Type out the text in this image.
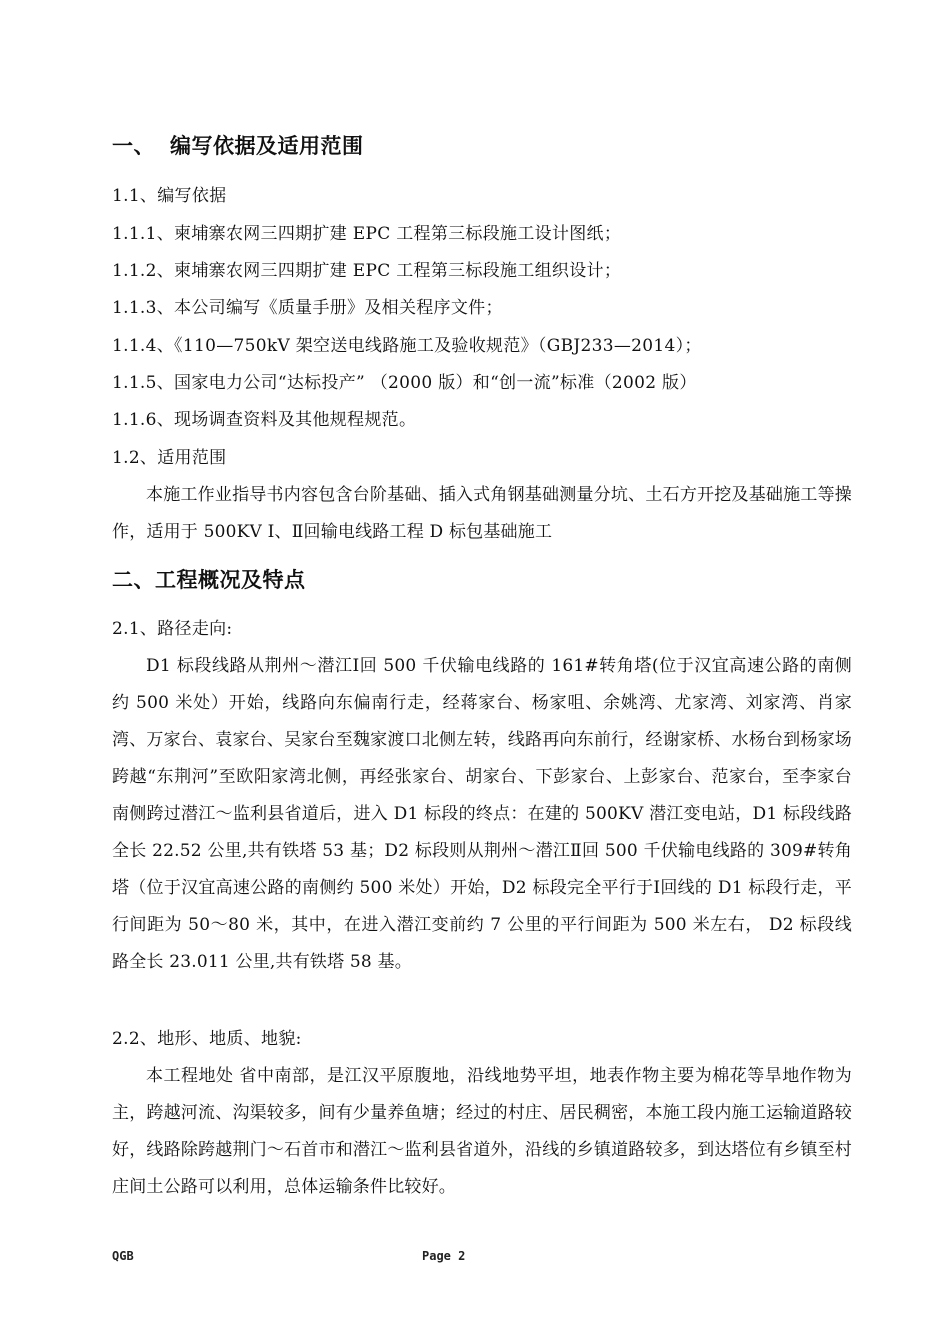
一、 编写依据及适用范围
1.1、编写依据
1.1.1、柬埔寨农网三四期扩建 EPC 工程第三标段施工设计图纸；
1.1.2、柬埔寨农网三四期扩建 EPC 工程第三标段施工组织设计；
1.1.3、本公司编写《质量手册》及相关程序文件；
1.1.4、《110—750kV 架空送电线路施工及验收规范》（GBJ233—2014）；
1.1.5、国家电力公司“达标投产” （2000 版）和“创一流”标准（2002 版）
1.1.6、现场调查资料及其他规程规范。
1.2、适用范围
本施工作业指导书内容包含台阶基础、插入式角钢基础测量分坑、土石方开挖及基础施工等操作，适用于 500KV Ⅰ、Ⅱ回输电线路工程 D 标包基础施工
二、工程概况及特点
2.1、路径走向:
D1 标段线路从荆州～潜江Ⅰ回 500 千伏输电线路的 161#转角塔(位于汉宜高速公路的南侧约 500 米处）开始，线路向东偏南行走，经蒋家台、杨家咀、余姚湾、尤家湾、刘家湾、肖家湾、万家台、袁家台、吴家台至魏家渡口北侧左转，线路再向东前行，经谢家桥、水杨台到杨家场跨越“东荆河”至欧阳家湾北侧，再经张家台、胡家台、下彭家台、上彭家台、范家台，至李家台南侧跨过潜江～监利县省道后，进入 D1 标段的终点：在建的 500KV 潜江变电站，D1 标段线路全长 22.52 公里,共有铁塔 53 基；D2 标段则从荆州～潜江Ⅱ回 500 千伏输电线路的 309#转角塔（位于汉宜高速公路的南侧约 500 米处）开始，D2 标段完全平行于Ⅰ回线的 D1 标段行走，平行间距为 50～80 米，其中，在进入潜江变前约 7 公里的平行间距为 500 米左右， D2 标段线路全长 23.011 公里,共有铁塔 58 基。
2.2、地形、地质、地貌:
本工程地处 省中南部，是江汉平原腹地，沿线地势平坦，地表作物主要为棉花等旱地作物为主，跨越河流、沟渠较多，间有少量养鱼塘；经过的村庄、居民稠密，本施工段内施工运输道路较好，线路除跨越荆门～石首市和潜江～监利县省道外，沿线的乡镇道路较多，到达塔位有乡镇至村庄间土公路可以利用，总体运输条件比较好。
QGB	Page 2
